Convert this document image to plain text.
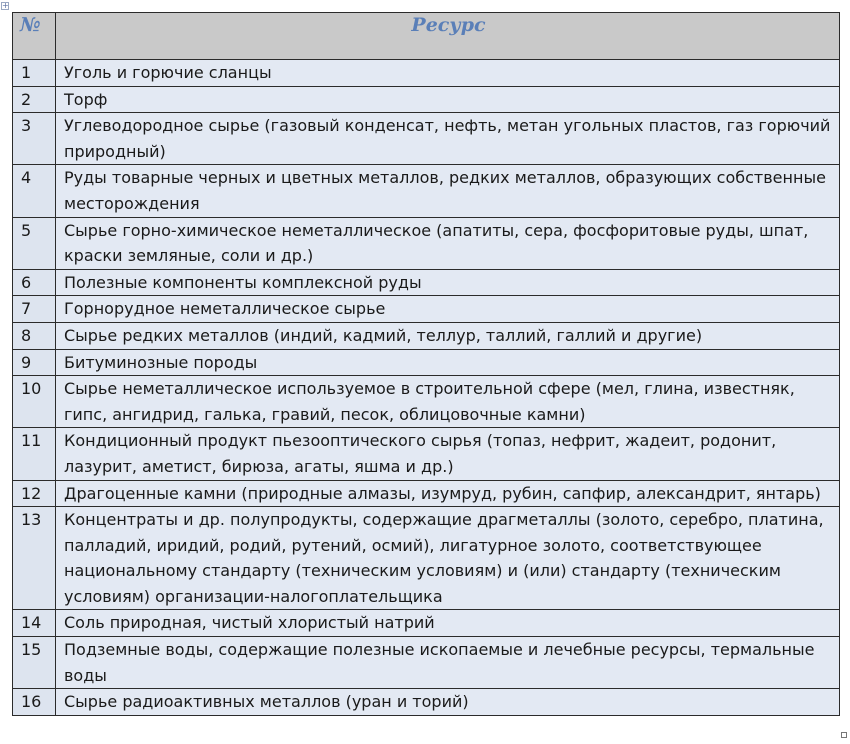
+
№	Ресурс
1	Уголь и горючие сланцы
2	Торф
3	Углеводородное сырье (газовый конденсат, нефть, метан угольных пластов, газ горючий природный)
4	Руды товарные черных и цветных металлов, редких металлов, образующих собственные месторождения
5	Сырье горно-химическое неметаллическое (апатиты, сера, фосфоритовые руды, шпат, краски земляные, соли и др.)
6	Полезные компоненты комплексной руды
7	Горнорудное неметаллическое сырье
8	Сырье редких металлов (индий, кадмий, теллур, таллий, галлий и другие)
9	Битуминозные породы
10	Сырье неметаллическое используемое в строительной сфере (мел, глина, известняк, гипс, ангидрид, галька, гравий, песок, облицовочные камни)
11	Кондиционный продукт пьезооптического сырья (топаз, нефрит, жадеит, родонит, лазурит, аметист, бирюза, агаты, яшма и др.)
12	Драгоценные камни (природные алмазы, изумруд, рубин, сапфир, александрит, янтарь)
13	Концентраты и др. полупродукты, содержащие драгметаллы (золото, серебро, платина, палладий, иридий, родий, рутений, осмий), лигатурное золото, соответствующее национальному стандарту (техническим условиям) и (или) стандарту (техническим условиям) организации-налогоплательщика
14	Соль природная, чистый хлористый натрий
15	Подземные воды, содержащие полезные ископаемые и лечебные ресурсы, термальные воды
16	Сырье радиоактивных металлов (уран и торий)
